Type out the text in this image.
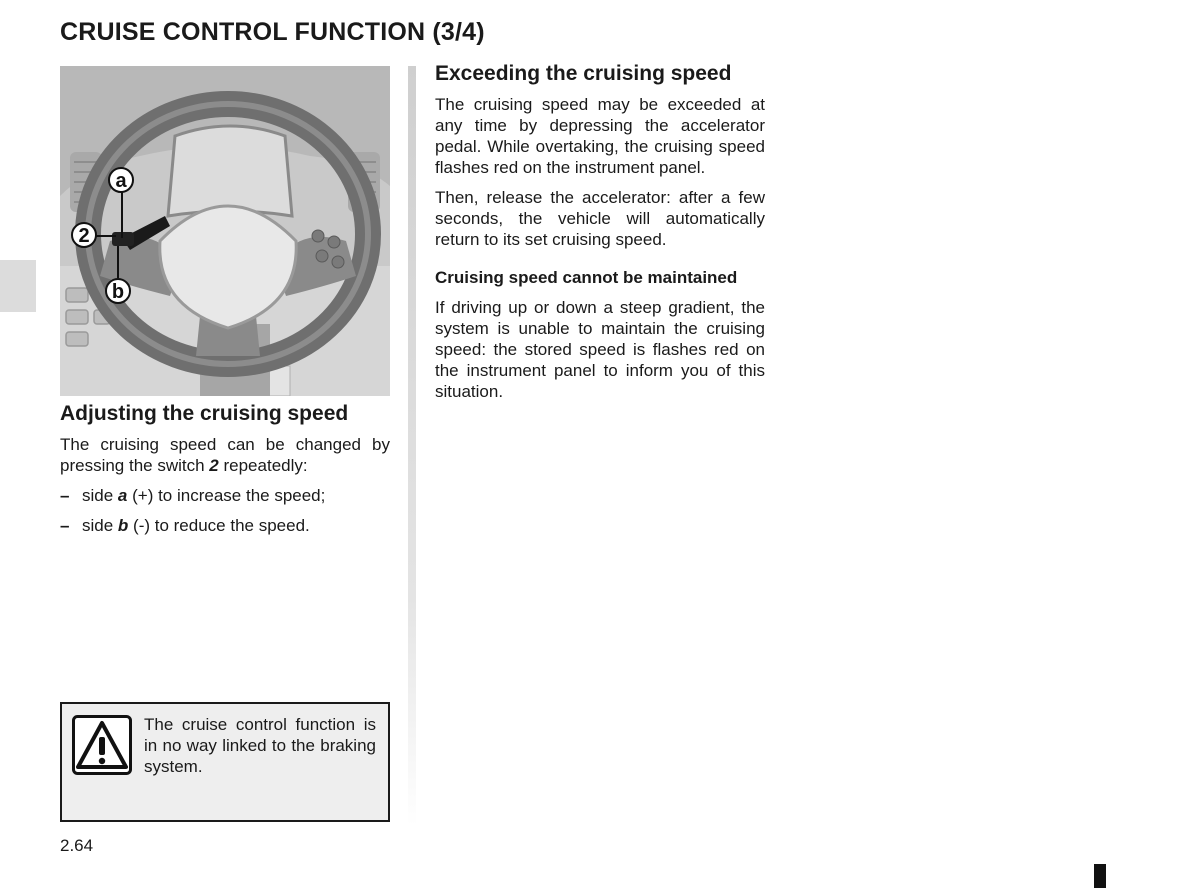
CRUISE CONTROL FUNCTION (3/4)
a
2
b
Adjusting the cruising speed

The cruising speed can be changed by pressing the switch 2 repeatedly:

– side a (+) to increase the speed;
– side b (-) to reduce the speed.
Exceeding the cruising speed

The cruising speed may be exceeded at any time by depressing the accelerator pedal. While overtaking, the cruising speed flashes red on the instrument panel.

Then, release the accelerator: after a few seconds, the vehicle will automatically return to its set cruising speed.

Cruising speed cannot be maintained

If driving up or down a steep gradient, the system is unable to maintain the cruising speed: the stored speed is flashes red on the instrument panel to inform you of this situation.

The cruise control function is in no way linked to the braking system.

2.64
